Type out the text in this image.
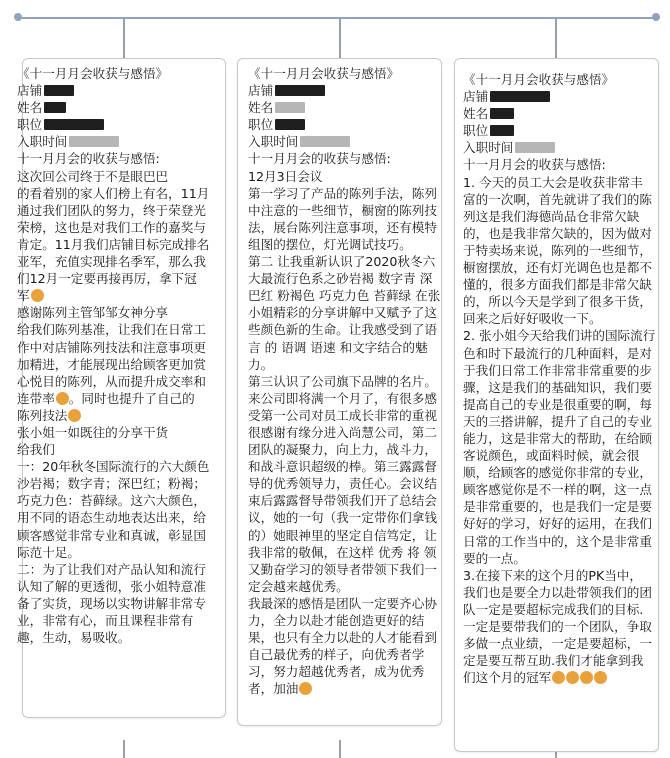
《十一月月会收获与感悟》

店铺

姓名

职位

入职时间

十一月月会的收获与感悟:

这次回公司终于不是眼巴巴

的看着别的家人们榜上有名，11月

通过我们团队的努力，终于荣登光

荣榜，这也是对我们工作的嘉奖与

肯定。11月我们店铺目标完成排名

亚军，充值实现排名季军，那么我

们12月一定要再接再厉，拿下冠

军

感谢陈列主管邹邹女神分享

给我们陈列基准，让我们在日常工

作中对店铺陈列技法和注意事项更

加精进，才能展现出给顾客更加赏

心悦目的陈列，从而提升成交率和

连带率 。同时也提升了自己的

陈列技法

张小姐一如既往的分享干货

给我们

一：20年秋冬国际流行的六大颜色

沙岩褐；数字青；深巴红；粉褐；

巧克力色：苔藓绿。这六大颜色，

用不同的语态生动地表达出来，给

顾客感觉非常专业和真诚，彰显国

际范十足。

二：为了让我们对产品认知和流行

认知了解的更透彻，张小姐特意准

备了实货，现场以实物讲解非常专

业，非常有心，而且课程非常有

趣，生动，易吸收。

《十一月月会收获与感悟》

店铺

姓名

职位

入职时间

十一月月会的收获与感悟:

12月3日会议

第一学习了产品的陈列手法，陈列

中注意的一些细节，橱窗的陈列技

法，展台陈列注意事项，还有模特

组图的摆位，灯光调试技巧。

第二 让我重新认识了2020秋冬六

大最流行色系之砂岩褐 数字青 深

巴红 粉褐色 巧克力色 苔藓绿 在张

小姐精彩的分享讲解中又赋予了这

些颜色新的生命。让我感受到了语

言 的 语调 语速 和文字结合的魅

力。

第三认识了公司旗下品牌的名片。

来公司即将满一个月了，有很多感

受第一公司对员工成长非常的重视

很感谢有缘分进入尚慧公司，第二

团队的凝聚力，向上力，战斗力，

和战斗意识超级的棒。第三露露督

导的优秀领导力，责任心。会议结

束后露露督导带领我们开了总结会

议，她的一句（我一定带你们拿钱

的）她眼神里的坚定自信笃定，让

我非常的敬佩，在这样 优秀 将 领

又勤奋学习的领导者带领下我们一

定会越来越优秀。

我最深的感悟是团队一定要齐心协

力，全力以赴才能创造更好的结

果，也只有全力以赴的人才能看到

自己最优秀的样子，向优秀者学

习，努力超越优秀者，成为优秀

者，加油

《十一月月会收获与感悟》

店铺

姓名

职位

入职时间

十一月月会的收获与感悟:

1. 今天的员工大会是收获非常丰

富的一次啊，首先就讲了我们的陈

列这是我们海德尚品仓非常欠缺

的，也是我非常欠缺的，因为做对

于特卖场来说，陈列的一些细节，

橱窗摆放，还有灯光调色也是都不

懂的，很多方面我们都是非常欠缺

的，所以今天是学到了很多干货，

回来之后好好吸收一下。

2. 张小姐今天给我们讲的国际流行

色和时下最流行的几种面料，是对

于我们日常工作非常非常重要的步

骤，这是我们的基础知识，我们要

提高自己的专业是很重要的啊，每

天的三搭讲解，提升了自己的专业

能力，这是非常大的帮助，在给顾

客说颜色，或面料时候，就会很

顺，给顾客的感觉你非常的专业，

顾客感觉你是不一样的啊，这一点

是非常重要的，也是我们一定是要

好好的学习，好好的运用，在我们

日常的工作当中的，这个是非常重

要的一点。

3.在接下来的这个月的PK当中，

我们也是要全力以赴带领我们的团

队一定是要超标完成我们的目标.

一定是要带我们的一个团队，争取

多做一点业绩，一定是要超标，一

定是要互帮互助.我们才能拿到我

们这个月的冠军
